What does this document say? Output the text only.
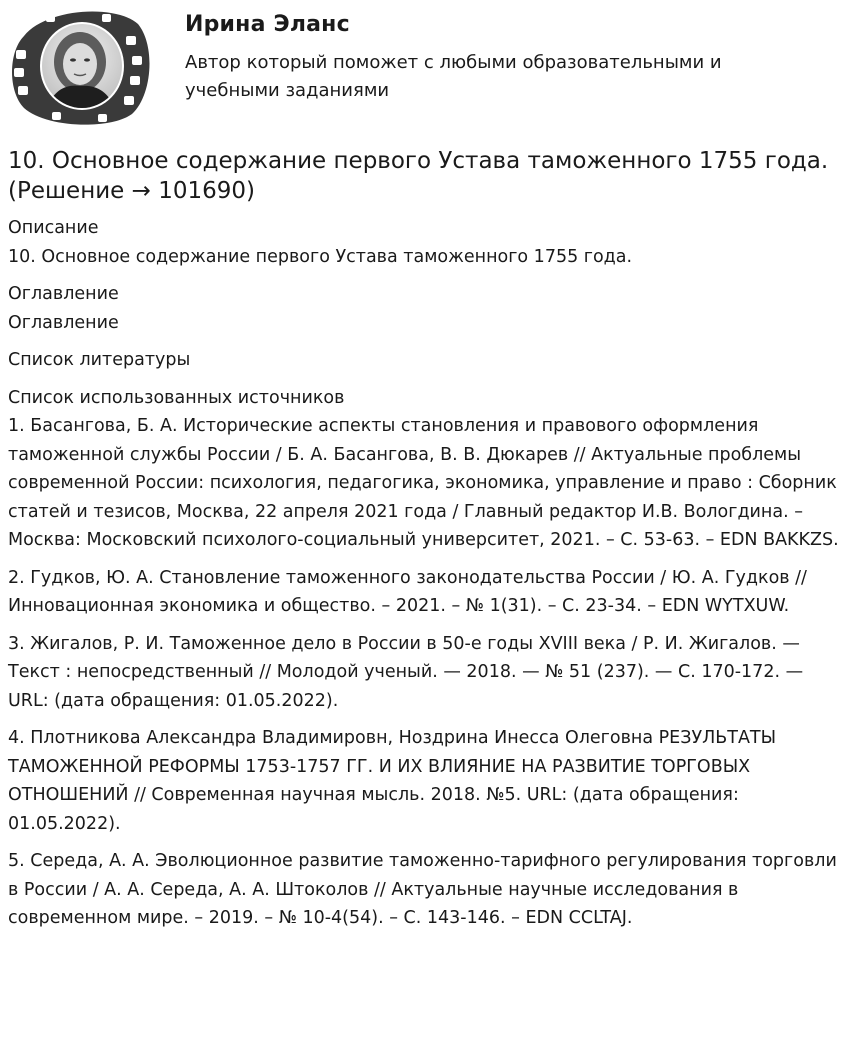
Ирина Эланс
Автор который поможет с любыми образовательными и учебными заданиями
10. Основное содержание первого Устава таможенного 1755 года. (Решение → 101690)

Описание

10. Основное содержание первого Устава таможенного 1755 года.

Оглавление

Оглавление

Список литературы

Список использованных источников

1. Басангова, Б. А. Исторические аспекты становления и правового оформления таможенной службы России / Б. А. Басангова, В. В. Дюкарев // Актуальные проблемы современной России: психология, педагогика, экономика, управление и право : Сборник статей и тезисов, Москва, 22 апреля 2021 года / Главный редактор И.В. Вологдина. – Москва: Московский психолого-социальный университет, 2021. – С. 53-63. – EDN BAKKZS.
2. Гудков, Ю. А. Становление таможенного законодательства России / Ю. А. Гудков // Инновационная экономика и общество. – 2021. – № 1(31). – С. 23-34. – EDN WYTXUW.
3. Жигалов, Р. И. Таможенное дело в России в 50-е годы XVIII века / Р. И. Жигалов. — Текст : непосредственный // Молодой ученый. — 2018. — № 51 (237). — С. 170-172. — URL: (дата обращения: 01.05.2022).
4. Плотникова Александра Владимировн, Ноздрина Инесса Олеговна РЕЗУЛЬТАТЫ ТАМОЖЕННОЙ РЕФОРМЫ 1753-1757 ГГ. И ИХ ВЛИЯНИЕ НА РАЗВИТИЕ ТОРГОВЫХ ОТНОШЕНИЙ // Современная научная мысль. 2018. №5. URL: (дата обращения: 01.05.2022).
5. Середа, А. А. Эволюционное развитие таможенно-тарифного регулирования торговли в России / А. А. Середа, А. А. Штоколов // Актуальные научные исследования в современном мире. – 2019. – № 10-4(54). – С. 143-146. – EDN CCLTAJ.
